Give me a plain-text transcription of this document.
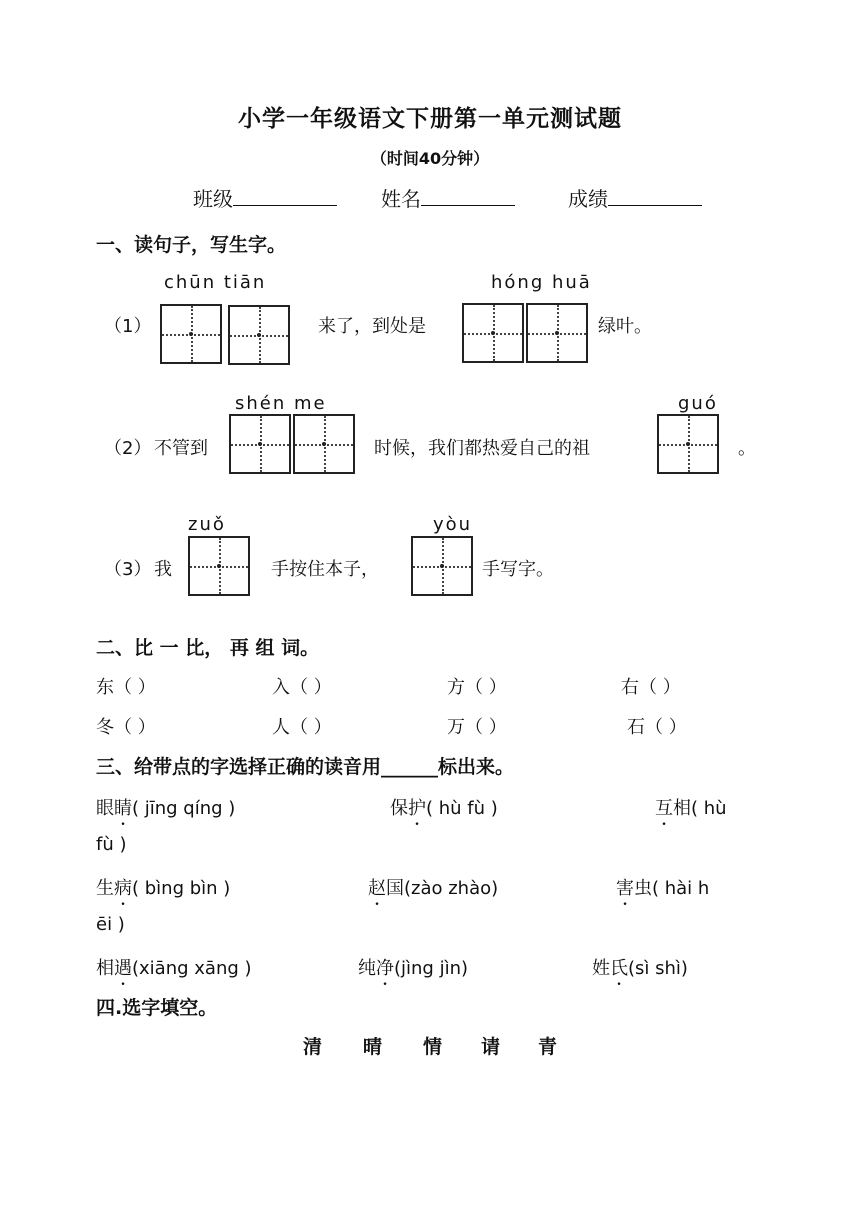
小学一年级语文下册第一单元测试题
（时间40分钟）
班级	姓名	成绩
一、读句子，写生字。
chūn tiān	hóng huā
（1）	来了，到处是	绿叶。
shén me	guó
（2） 不管到	时候，我们都热爱自己的祖	。
zuǒ	yòu
（3） 我	手按住本子，	手写字。
二、比 一 比， 再 组 词。
东（ ）	入（ ）	方（ ）	右（ ）
冬（ ）	人（ ）	万（ ）	石（ ）
三、给带点的字选择正确的读音用______标出来。
眼睛( jīng qíng )	保护( hù fù )	互相( hù
fù )
生病( bìng bìn )	赵国(zào zhào)	害虫( hài h
ēi )
相遇(xiāng xāng )	纯净(jìng jìn)	姓氏(sì shì)
四.选字填空。
清 晴 情 请 青
